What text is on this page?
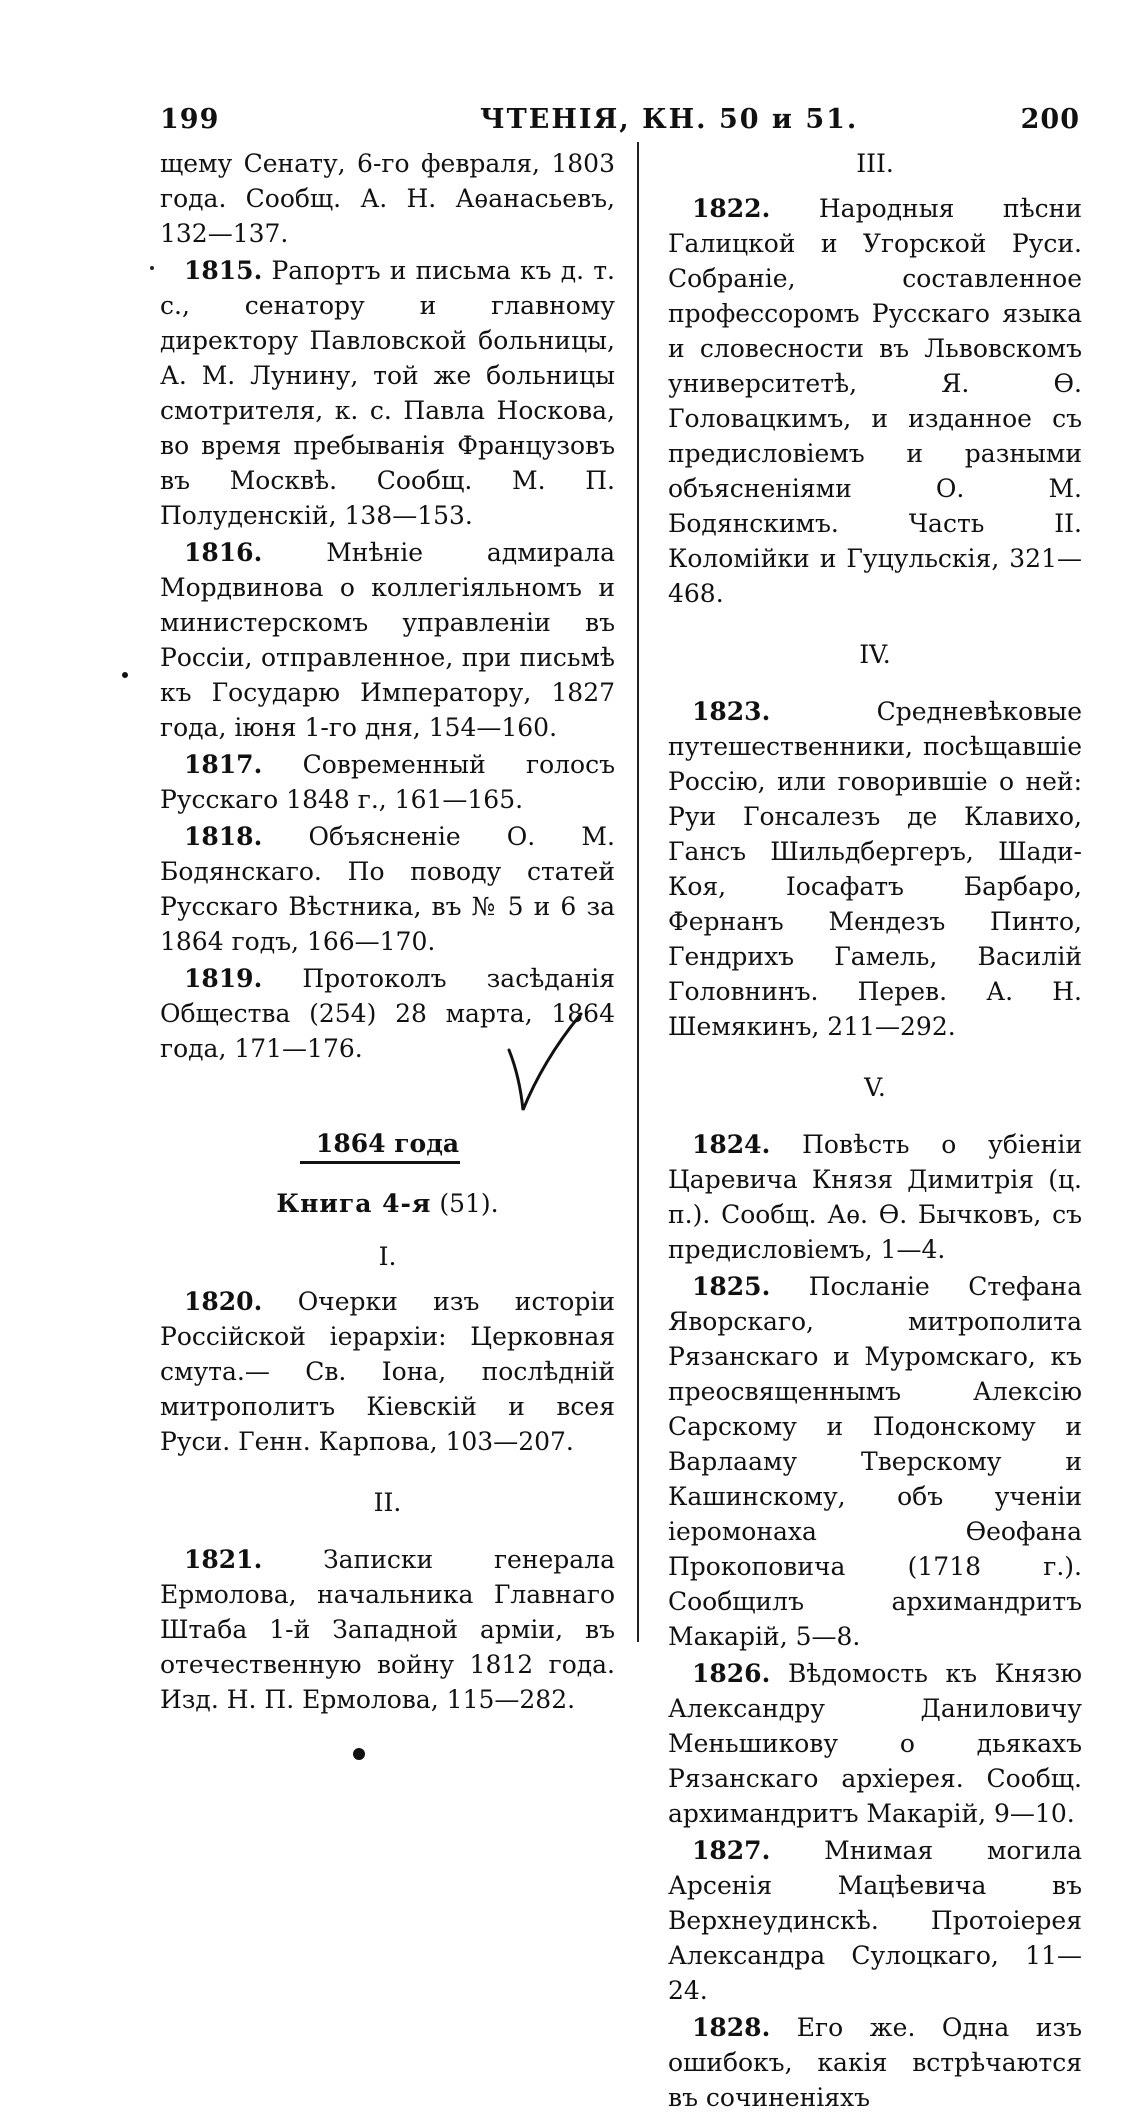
199	ЧТЕНІЯ, КН. 50 и 51.	200

щему Сенату, 6-го февраля, 1803 года. Сообщ. А. Н. Аѳанасьевъ, 132—137.

1815. Рапортъ и письма къ д. т. с., сенатору и главному директору Павловской больницы, А. М. Лунину, той же больницы смотрителя, к. с. Павла Носкова, во время пребыванія Французовъ въ Москвѣ. Сообщ. М. П. Полуденскій, 138—153.

1816.	Мнѣніе адмирала Мордвинова о коллегіяльномъ и министерскомъ управленіи въ Россіи, отправленное, при письмѣ къ Государю Императору, 1827 года, іюня 1-го дня, 154—160.

1817. Современный голосъ Русскаго 1848 г., 161—165.

1818. Объясненіе О. М. Бодянскаго. По поводу статей Русскаго Вѣстника, въ № 5 и 6 за 1864 годъ, 166—170.

1819. Протоколъ засѣданія Общества (254) 28 марта, 1864 года, 171—176.

1864 года
Книга 4-я (51).
I.

1820. Очерки изъ исторіи Россійской іерархіи: Церковная смута.— Св. Іона, послѣдній митрополитъ Кіевскій и всея Руси. Генн. Карпова, 103—207.

II.

1821. Записки генерала Ермолова, начальника Главнаго Штаба 1-й Западной арміи, въ отечественную войну 1812 года. Изд. Н. П. Ермолова, 115—282.

III.

1822. Народныя пѣсни Галицкой и Угорской Руси. Собраніе, составленное профессоромъ Русскаго языка и словесности въ Львовскомъ университетѣ, Я. Ѳ. Головацкимъ, и изданное съ предисловіемъ и разными объясненіями О. М. Бодянскимъ. Часть II. Коломійки и Гуцульскія, 321—468.

IV.

1823.	Средневѣковые путешественники, посѣщавшіе Россію, или говорившіе о ней: Руи Гонсалезъ де Клавихо, Гансъ Шильдбергеръ, Шади-Коя, Іосафатъ Барбаро, Фернанъ Мендезъ Пинто, Гендрихъ Гамель, Василій Головнинъ. Перев. А. Н. Шемякинъ, 211—292.

V.

1824. Повѣсть о убіеніи Царевича Князя Димитрія (ц. п.). Сообщ. Аѳ. Ѳ. Бычковъ, съ предисловіемъ, 1—4.

1825. Посланіе Стефана Яворскаго, митрополита Рязанскаго и Муромскаго, къ преосвященнымъ Алексію Сарскому и Подонскому и Варлааму Тверскому и Кашинскому, объ ученіи іеромонаха Ѳеофана Прокоповича (1718 г.). Сообщилъ архимандритъ Макарій, 5—8.

1826. Вѣдомость къ Князю Александру Даниловичу Меньшикову о дьякахъ Рязанскаго архіерея. Сообщ. архимандритъ Макарій, 9—10.

1827. Мнимая могила Арсенія Мацѣевича въ Верхнеудинскѣ. Протоіерея Александра Сулоцкаго, 11—24.

1828. Его же. Одна изъ ошибокъ, какія встрѣчаются въ сочиненіяхъ
